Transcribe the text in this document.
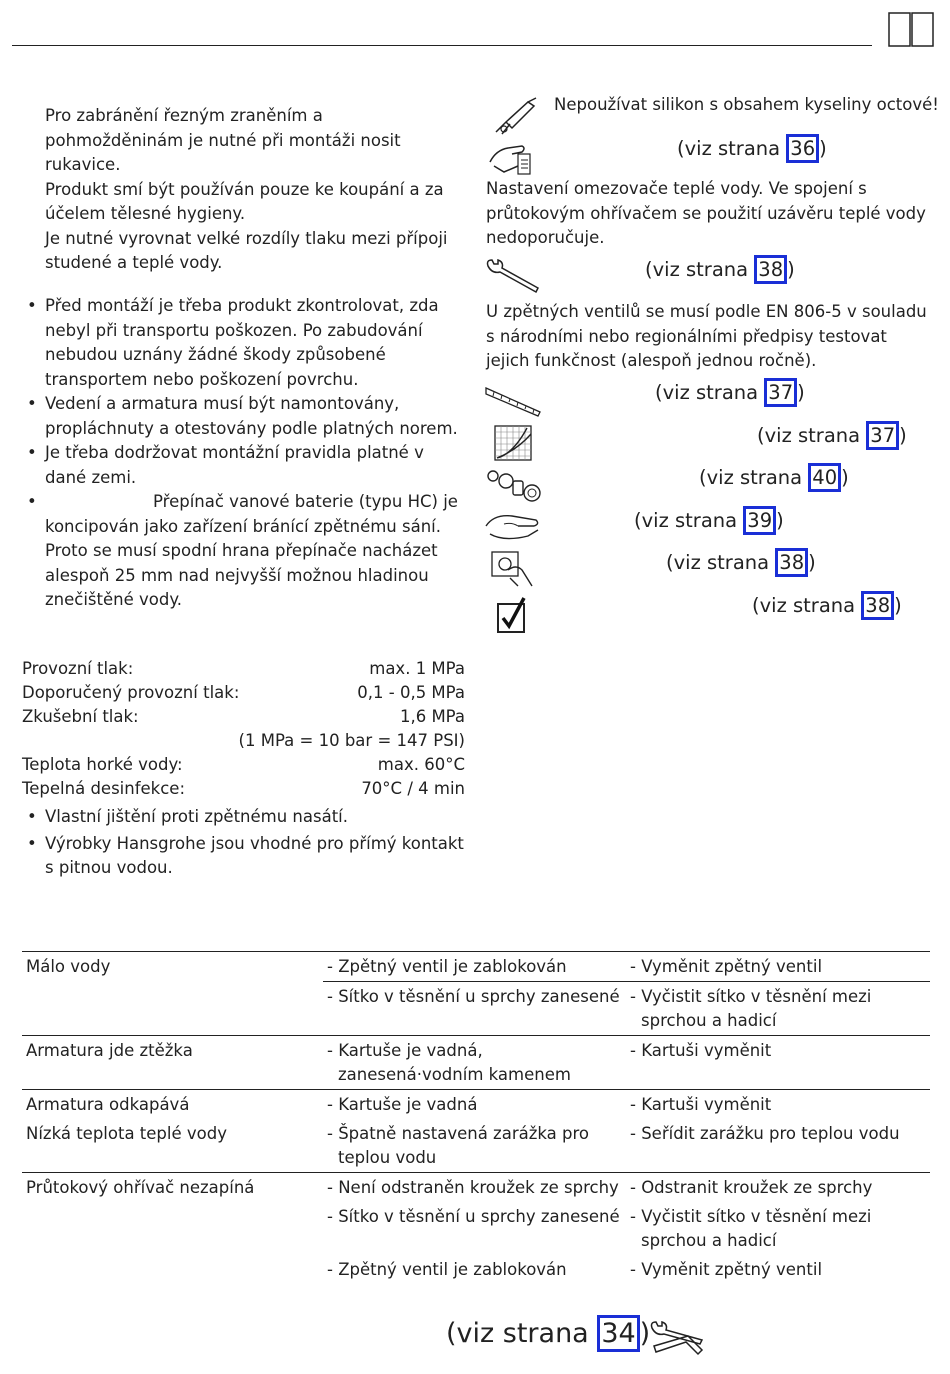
Pro zabránění řezným zraněním a pohmožděninám je nutné při montáži nosit rukavice.

Produkt smí být používán pouze ke koupání a za účelem tělesné hygieny.

Je nutné vyrovnat velké rozdíly tlaku mezi přípoji studené a teplé vody.

• Před montáží je třeba produkt zkontrolovat, zda nebyl při transportu poškozen. Po zabudování nebudou uznány žádné škody způsobené transportem nebo poškození povrchu.

• Vedení a armatura musí být namontovány, propláchnuty a otestovány podle platných norem.

• Je třeba dodržovat montážní pravidla platné v dané zemi.

•	Přepínač vanové baterie (typu HC) je koncipován jako zařízení bránící zpětnému sání. Proto se musí spodní hrana přepínače nacházet alespoň 25 mm nad nejvyšší možnou hladinou znečištěné vody.

Provozní tlak:	max. 1 MPa
Doporučený provozní tlak:	0,1 - 0,5 MPa
Zkušební tlak:	1,6 MPa
(1 MPa = 10 bar = 147 PSI)
Teplota horké vody:	max. 60°C
Tepelná desinfekce:	70°C / 4 min

• Vlastní jištění proti zpětnému nasátí.

• Výrobky Hansgrohe jsou vhodné pro přímý kontakt s pitnou vodou.

Nepoužívat silikon s obsahem kyseliny octové!
(viz strana 36 )
Nastavení omezovače teplé vody. Ve spojení s průtokovým ohřívačem se použití uzávěru teplé vody nedoporučuje.
(viz strana 38 )
U zpětných ventilů se musí podle EN 806-5 v souladu s národními nebo regionálními předpisy testovat jejich funkčnost (alespoň jednou ročně).
(viz strana 37 )
(viz strana 37 )
(viz strana 40 )
(viz strana 39 )
(viz strana 38 )
(viz strana 38 )
Málo vody	- Zpětný ventil je zablokován	- Vyměnit zpětný ventil

	- Sítko v těsnění u sprchy zanesené	- Vyčistit sítko v těsnění mezi sprchou a hadicí

Armatura jde ztěžka	- Kartuše je vadná, zanesená·vodním kamenem	- Kartuši vyměnit

Armatura odkapává	- Kartuše je vadná	- Kartuši vyměnit

Nízká teplota teplé vody	- Špatně nastavená zarážka pro teplou vodu	- Seřídit zarážku pro teplou vodu

Průtokový ohřívač nezapíná	- Není odstraněn kroužek ze sprchy	- Odstranit kroužek ze sprchy

	- Sítko v těsnění u sprchy zanesené	- Vyčistit sítko v těsnění mezi sprchou a hadicí

	- Zpětný ventil je zablokován	- Vyměnit zpětný ventil
(viz strana 34 )
